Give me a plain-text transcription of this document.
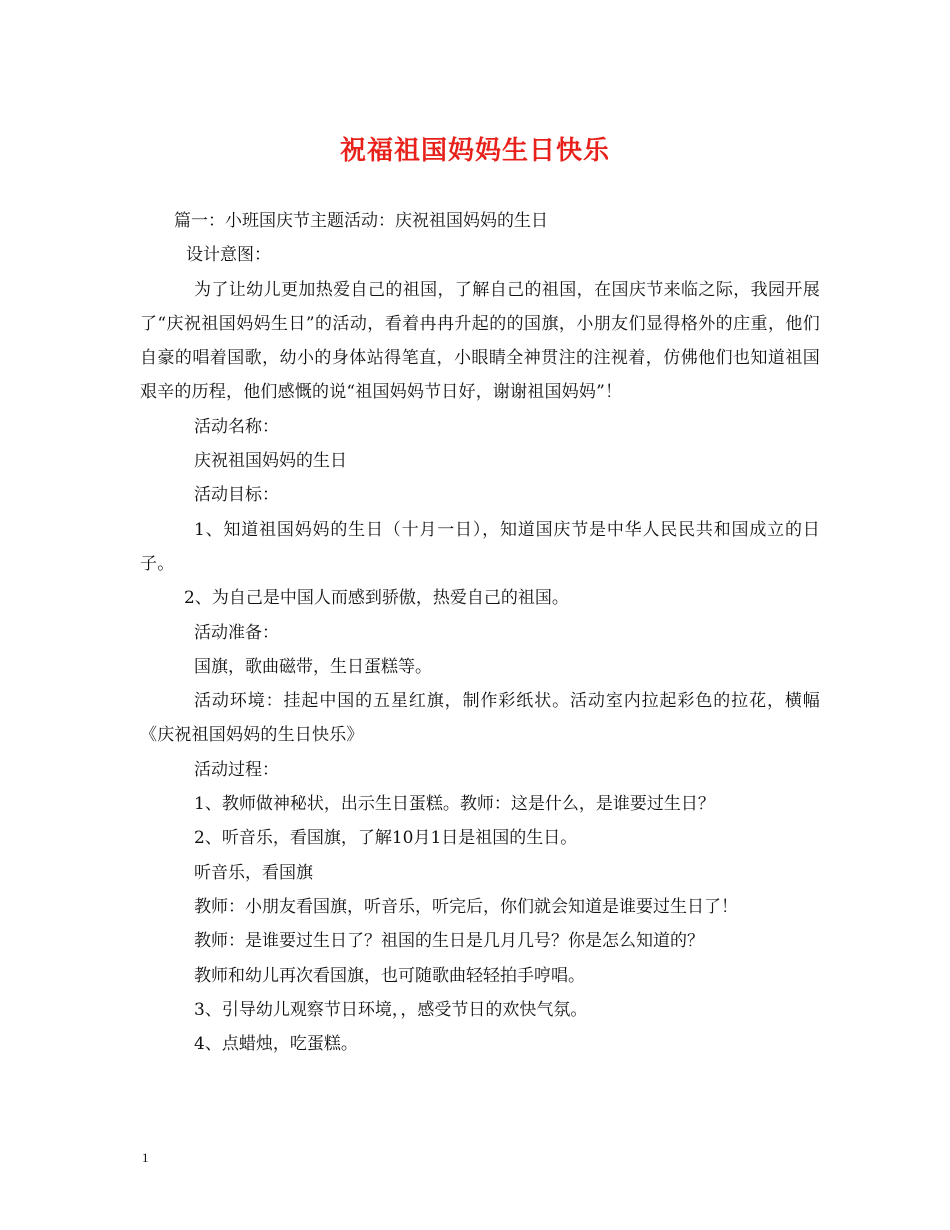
祝福祖国妈妈生日快乐

篇一：小班国庆节主题活动：庆祝祖国妈妈的生日

设计意图：

为了让幼儿更加热爱自己的祖国，了解自己的祖国，在国庆节来临之际，我园开展了“庆祝祖国妈妈生日”的活动，看着冉冉升起的的国旗，小朋友们显得格外的庄重，他们自豪的唱着国歌，幼小的身体站得笔直，小眼睛全神贯注的注视着，仿佛他们也知道祖国艰辛的历程，他们感慨的说“祖国妈妈节日好，谢谢祖国妈妈”！

活动名称：

庆祝祖国妈妈的生日

活动目标：

1、知道祖国妈妈的生日（十月一日），知道国庆节是中华人民民共和国成立的日子。

2、为自己是中国人而感到骄傲，热爱自己的祖国。

活动准备：

国旗，歌曲磁带，生日蛋糕等。

活动环境：挂起中国的五星红旗，制作彩纸状。活动室内拉起彩色的拉花，横幅《庆祝祖国妈妈的生日快乐》

活动过程：

1、教师做神秘状，出示生日蛋糕。教师：这是什么，是谁要过生日？

2、听音乐，看国旗，了解10月1日是祖国的生日。

听音乐，看国旗

教师：小朋友看国旗，听音乐，听完后，你们就会知道是谁要过生日了！

教师：是谁要过生日了？祖国的生日是几月几号？你是怎么知道的？

教师和幼儿再次看国旗，也可随歌曲轻轻拍手哼唱。

3、引导幼儿观察节日环境，，感受节日的欢快气氛。

4、点蜡烛，吃蛋糕。

1
